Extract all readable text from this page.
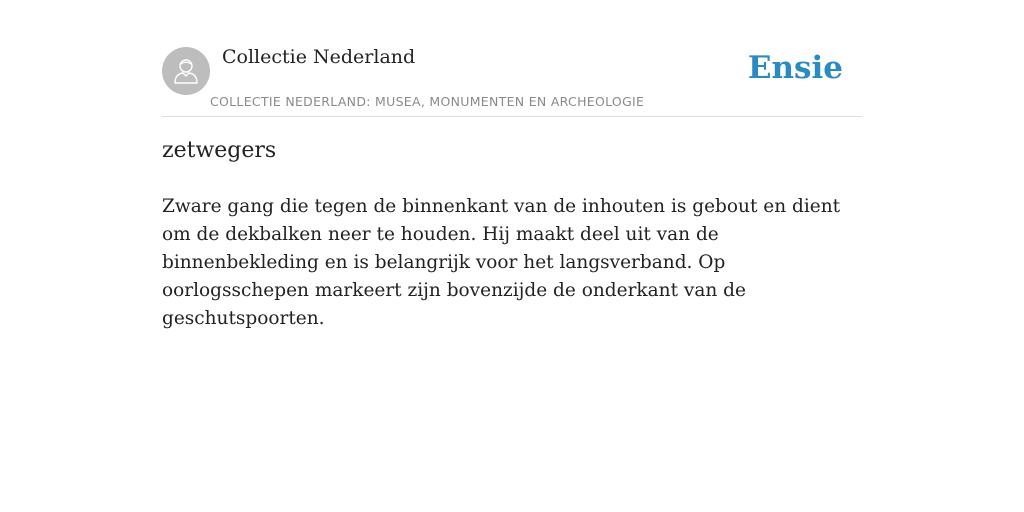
Collectie Nederland
COLLECTIE NEDERLAND: MUSEA, MONUMENTEN EN ARCHEOLOGIE
Ensie
zetwegers

Zware gang die tegen de binnenkant van de inhouten is gebout en dient om de dekbalken neer te houden. Hij maakt deel uit van de binnenbekleding en is belangrijk voor het langsverband. Op oorlogsschepen markeert zijn bovenzijde de onderkant van de geschutspoorten.
